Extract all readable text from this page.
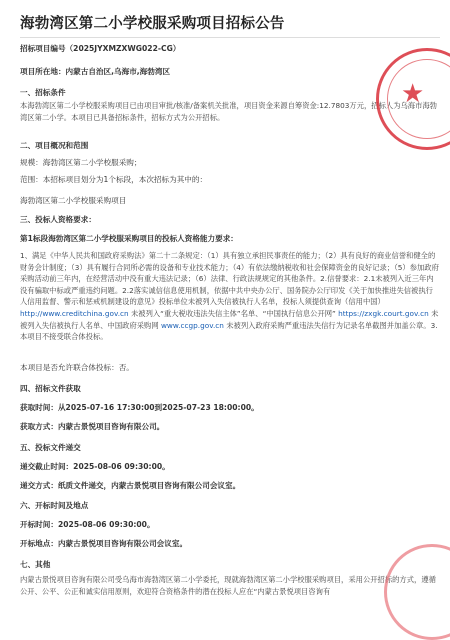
海勃湾区第二小学校服采购项目招标公告
招标项目编号（2025JYXMZXWG022-CG）
项目所在地：内蒙古自治区,乌海市,海勃湾区
一、招标条件
本海勃湾区第二小学校服采购项目已由项目审批/核准/备案机关批准，项目资金来源自筹资金:12.7803万元，招标人为乌海市海勃湾区第二小学。本项目已具备招标条件，招标方式为公开招标。
二、项目概况和范围
规模：海勃湾区第二小学校服采购；
范围：本招标项目划分为1个标段，本次招标为其中的：
海勃湾区第二小学校服采购项目
三、投标人资格要求：
第1标段海勃湾区第二小学校服采购项目的投标人资格能力要求：
1、满足《中华人民共和国政府采购法》第二十二条规定：（1）具有独立承担民事责任的能力；（2）具有良好的商业信誉和健全的财务会计制度；（3）具有履行合同所必需的设备和专业技术能力；（4）有依法缴纳税收和社会保障资金的良好记录；（5）参加政府采购活动前三年内，在经营活动中没有重大违法记录；（6）法律、行政法规规定的其他条件。2.信誉要求：2.1未被列入近三年内没有骗取中标或严重违约问题。2.2落实诚信信息使用机制，依据中共中央办公厅、国务院办公厅印发《关于加快推进失信被执行人信用监督、警示和惩戒机制建设的意见》投标单位未被列入失信被执行人名单，投标人须提供查询（信用中国） http://www.creditchina.gov.cn 未被列入“重大税收违法失信主体”名单、“中国执行信息公开网” https://zxgk.court.gov.cn 未被列入失信被执行人名单、中国政府采购网 www.ccgp.gov.cn 未被列入政府采购严重违法失信行为记录名单截图并加盖公章。3.本项目不接受联合体投标。
本项目是否允许联合体投标：否。
四、招标文件获取
获取时间：从2025-07-16 17:30:00到2025-07-23 18:00:00。
获取方式：内蒙古景悦项目咨询有限公司。
五、投标文件递交
递交截止时间：2025-08-06 09:30:00。
递交方式：纸质文件递交，内蒙古景悦项目咨询有限公司会议室。
六、开标时间及地点
开标时间：2025-08-06 09:30:00。
开标地点：内蒙古景悦项目咨询有限公司会议室。
七、其他
内蒙古景悦项目咨询有限公司受乌海市海勃湾区第二小学委托，现就海勃湾区第二小学校服采购项目，采用公开招标的方式，遵循公开、公平、公正和诚实信用原则，欢迎符合资格条件的潜在投标人应在“内蒙古景悦项目咨询有
★
